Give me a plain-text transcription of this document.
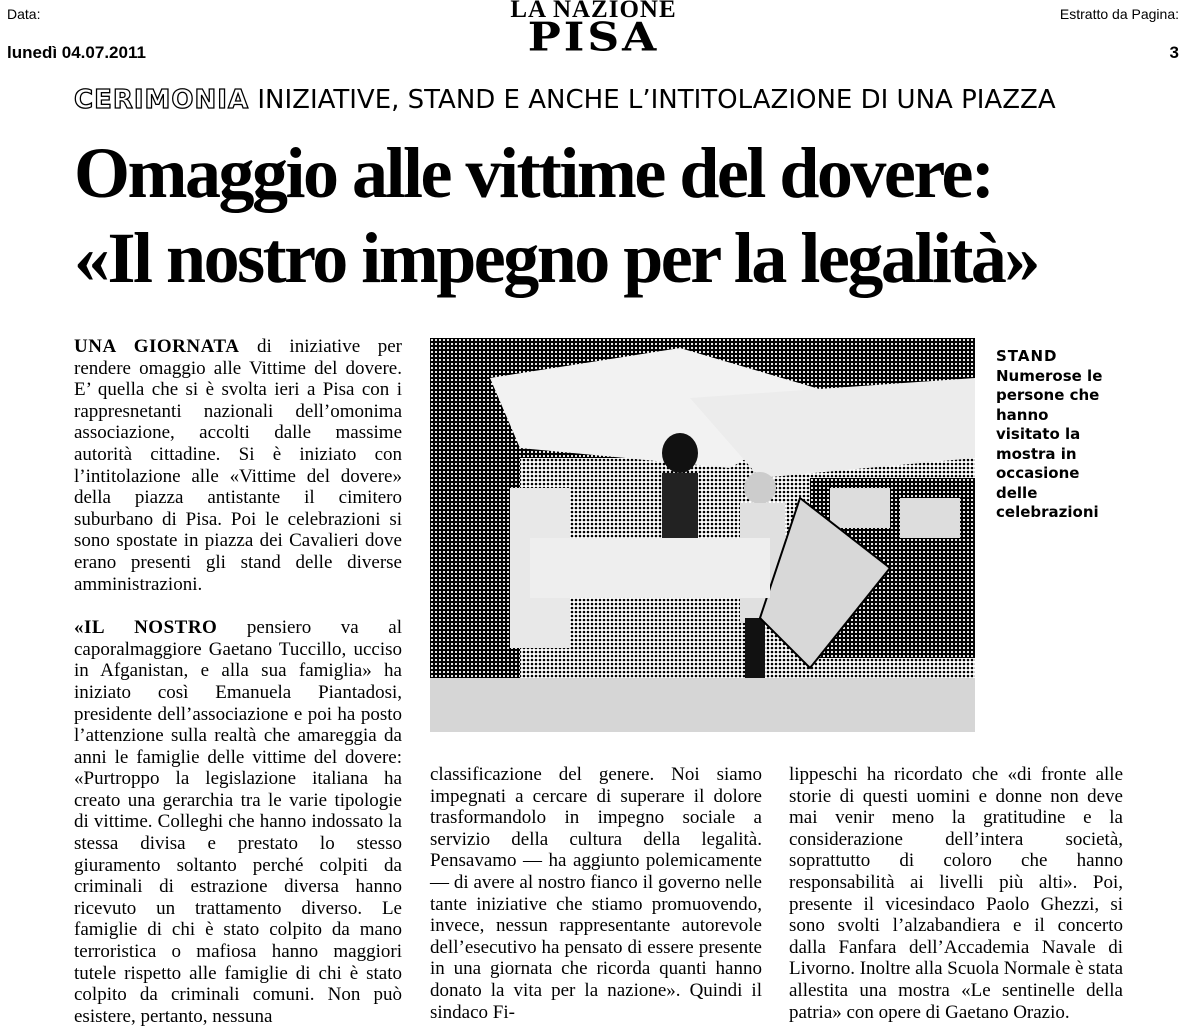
Data:
lunedì 04.07.2011
Estratto da Pagina:
3
LA NAZIONE
PISA
CERIMONIA INIZIATIVE, STAND E ANCHE L’INTITOLAZIONE DI UNA PIAZZA
Omaggio alle vittime del dovere:
«Il nostro impegno per la legalità»

UNA GIORNATA di iniziative per rendere omaggio alle Vittime del dovere. E’ quella che si è svolta ieri a Pisa con i rappresnetanti nazionali dell’omonima associazione, accolti dalle massime autorità cittadine. Si è iniziato con l’intitolazione alle «Vittime del dovere» della piazza antistante il cimitero suburbano di Pisa. Poi le celebrazioni si sono spostate in piazza dei Cavalieri dove erano presenti gli stand delle diverse amministrazioni.

«IL NOSTRO pensiero va al caporalmaggiore Gaetano Tuccillo, ucciso in Afganistan, e alla sua famiglia» ha iniziato così Emanuela Piantadosi, presidente dell’associazione e poi ha posto l’attenzione sulla realtà che amareggia da anni le famiglie delle vittime del dovere: «Purtroppo la legislazione italiana ha creato una gerarchia tra le varie tipologie di vittime. Colleghi che hanno indossato la stessa divisa e prestato lo stesso giuramento soltanto perché colpiti da criminali di estrazione diversa hanno ricevuto un trattamento diverso. Le famiglie di chi è stato colpito da mano terroristica o mafiosa hanno maggiori tutele rispetto alle famiglie di chi è stato colpito da criminali comuni. Non può esistere, pertanto, nessuna

STAND
Numerose le persone che hanno visitato la mostra in occasione delle celebrazioni

classificazione del genere. Noi siamo impegnati a cercare di superare il dolore trasformandolo in impegno sociale a servizio della cultura della legalità. Pensavamo — ha aggiunto polemicamente — di avere al nostro fianco il governo nelle tante iniziative che stiamo promuovendo, invece, nessun rappresentante autorevole dell’esecutivo ha pensato di essere presente in una giornata che ricorda quanti hanno donato la vita per la nazione». Quindi il sindaco Fi-

lippeschi ha ricordato che «di fronte alle storie di questi uomini e donne non deve mai venir meno la gratitudine e la considerazione dell’intera società, soprattutto di coloro che hanno responsabilità ai livelli più alti». Poi, presente il vicesindaco Paolo Ghezzi, si sono svolti l’alzabandiera e il concerto dalla Fanfara dell’Accademia Navale di Livorno. Inoltre alla Scuola Normale è stata allestita una mostra «Le sentinelle della patria» con opere di Gaetano Orazio.
